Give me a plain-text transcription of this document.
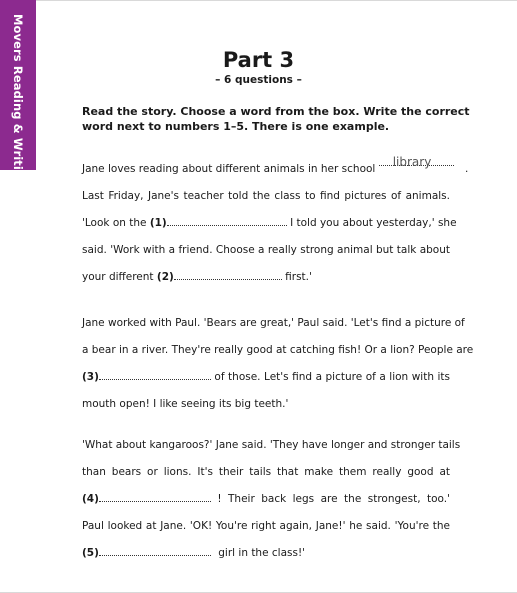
Movers Reading & Writing	Part 3
– 6 questions –
Read the story. Choose a word from the box. Write the correct word next to numbers 1–5. There is one example.
Jane loves reading about different animals in her school library	.
Last Friday, Jane's teacher told the class to find pictures of animals.
'Look on the (1)	I told you about yesterday,' she
said. 'Work with a friend. Choose a really strong animal but talk about
your different (2)	first.'
Jane worked with Paul. 'Bears are great,' Paul said. 'Let's find a picture of
a bear in a river. They're really good at catching fish! Or a lion? People are
(3)	of those. Let's find a picture of a lion with its
mouth open! I like seeing its big teeth.'
'What about kangaroos?' Jane said. 'They have longer and stronger tails
than bears or lions. It's their tails that make them really good at
(4)	! Their back legs are the strongest, too.'
Paul looked at Jane. 'OK! You're right again, Jane!' he said. 'You're the
(5)	girl in the class!'
